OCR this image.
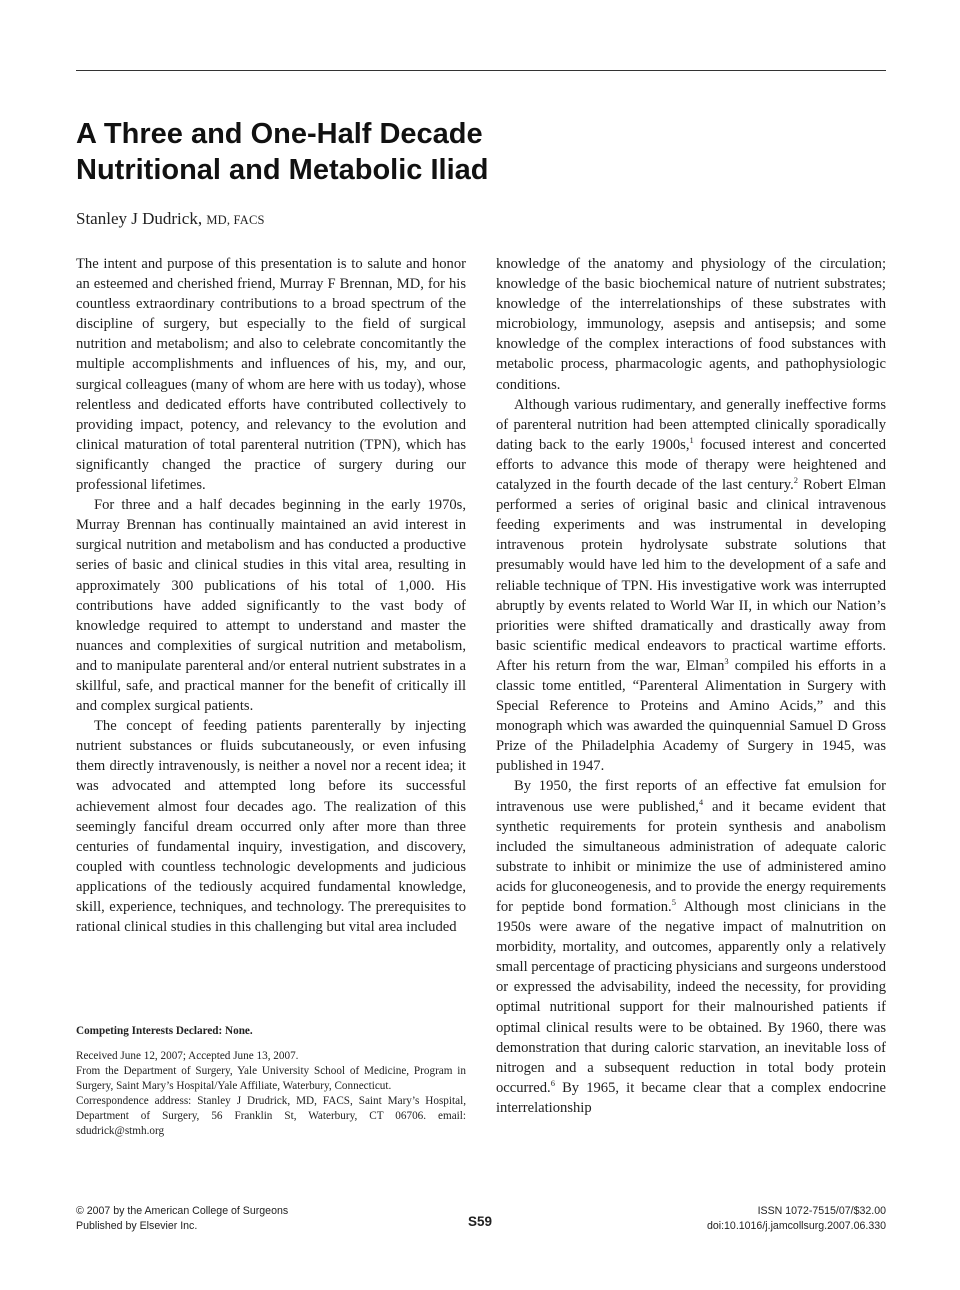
A Three and One-Half Decade
Nutritional and Metabolic Iliad
Stanley J Dudrick, MD, FACS

The intent and purpose of this presentation is to salute and honor an esteemed and cherished friend, Murray F Brennan, MD, for his countless extraordinary contributions to a broad spectrum of the discipline of surgery, but especially to the field of surgical nutrition and metabolism; and also to celebrate concomitantly the multiple accomplishments and influences of his, my, and our, surgical colleagues (many of whom are here with us today), whose relentless and dedicated efforts have contributed collectively to providing impact, potency, and relevancy to the evolution and clinical maturation of total parenteral nutrition (TPN), which has significantly changed the practice of surgery during our professional lifetimes.

For three and a half decades beginning in the early 1970s, Murray Brennan has continually maintained an avid interest in surgical nutrition and metabolism and has conducted a productive series of basic and clinical studies in this vital area, resulting in approximately 300 publications of his total of 1,000. His contributions have added significantly to the vast body of knowledge required to attempt to understand and master the nuances and complexities of surgical nutrition and metabolism, and to manipulate parenteral and/or enteral nutrient substrates in a skillful, safe, and practical manner for the benefit of critically ill and complex surgical patients.

The concept of feeding patients parenterally by injecting nutrient substances or fluids subcutaneously, or even infusing them directly intravenously, is neither a novel nor a recent idea; it was advocated and attempted long before its successful achievement almost four decades ago. The realization of this seemingly fanciful dream occurred only after more than three centuries of fundamental inquiry, investigation, and discovery, coupled with countless technologic developments and judicious applications of the tediously acquired fundamental knowledge, skill, experience, techniques, and technology. The prerequisites to rational clinical studies in this challenging but vital area included

knowledge of the anatomy and physiology of the circulation; knowledge of the basic biochemical nature of nutrient substrates; knowledge of the interrelationships of these substrates with microbiology, immunology, asepsis and antisepsis; and some knowledge of the complex interactions of food substances with metabolic process, pharmacologic agents, and pathophysiologic conditions.

Although various rudimentary, and generally ineffective forms of parenteral nutrition had been attempted clinically sporadically dating back to the early 1900s,$^1$ focused interest and concerted efforts to advance this mode of therapy were heightened and catalyzed in the fourth decade of the last century.$^2$ Robert Elman performed a series of original basic and clinical intravenous feeding experiments and was instrumental in developing intravenous protein hydrolysate substrate solutions that presumably would have led him to the development of a safe and reliable technique of TPN. His investigative work was interrupted abruptly by events related to World War II, in which our Nation’s priorities were shifted dramatically and drastically away from basic scientific medical endeavors to practical wartime efforts. After his return from the war, Elman$^3$ compiled his efforts in a classic tome entitled, “Parenteral Alimentation in Surgery with Special Reference to Proteins and Amino Acids,” and this monograph which was awarded the quinquennial Samuel D Gross Prize of the Philadelphia Academy of Surgery in 1945, was published in 1947.

By 1950, the first reports of an effective fat emulsion for intravenous use were published,$^4$ and it became evident that synthetic requirements for protein synthesis and anabolism included the simultaneous administration of adequate caloric substrate to inhibit or minimize the use of administered amino acids for gluconeogenesis, and to provide the energy requirements for peptide bond formation.$^5$ Although most clinicians in the 1950s were aware of the negative impact of malnutrition on morbidity, mortality, and outcomes, apparently only a relatively small percentage of practicing physicians and surgeons understood or expressed the advisability, indeed the necessity, for providing optimal nutritional support for their malnourished patients if optimal clinical results were to be obtained. By 1960, there was demonstration that during caloric starvation, an inevitable loss of nitrogen and a subsequent reduction in total body protein occurred.$^6$ By 1965, it became clear that a complex endocrine interrelationship

Competing Interests Declared: None.

Received June 12, 2007; Accepted June 13, 2007.

From the Department of Surgery, Yale University School of Medicine, Program in Surgery, Saint Mary’s Hospital/Yale Affiliate, Waterbury, Connecticut.

Correspondence address: Stanley J Drudrick, MD, FACS, Saint Mary’s Hospital, Department of Surgery, 56 Franklin St, Waterbury, CT 06706. email: sdudrick@stmh.org

© 2007 by the American College of Surgeons
Published by Elsevier Inc.	S59
ISSN 1072-7515/07/$32.00
doi:10.1016/j.jamcollsurg.2007.06.330
